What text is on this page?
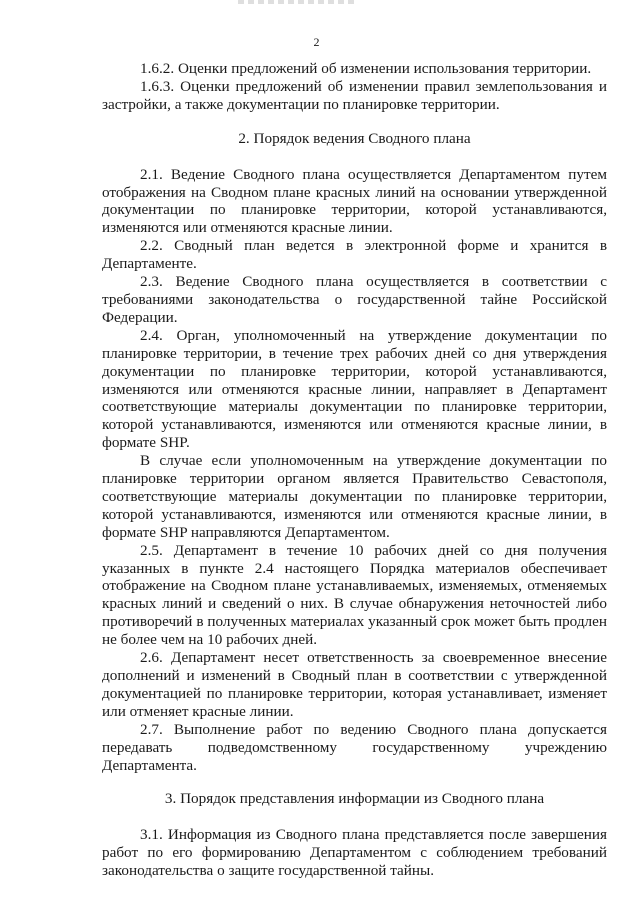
2

1.6.2. Оценки предложений об изменении использования территории.

1.6.3. Оценки предложений об изменении правил землепользования и застройки, а также документации по планировке территории.

2. Порядок ведения Сводного плана

2.1. Ведение Сводного плана осуществляется Департаментом путем отображения на Сводном плане красных линий на основании утвержденной документации по планировке территории, которой устанавливаются, изменяются или отменяются красные линии.

2.2. Сводный план ведется в электронной форме и хранится в Департаменте.

2.3. Ведение Сводного плана осуществляется в соответствии с требованиями законодательства о государственной тайне Российской Федерации.

2.4. Орган, уполномоченный на утверждение документации по планировке территории, в течение трех рабочих дней со дня утверждения документации по планировке территории, которой устанавливаются, изменяются или отменяются красные линии, направляет в Департамент соответствующие материалы документации по планировке территории, которой устанавливаются, изменяются или отменяются красные линии, в формате SHP.

В случае если уполномоченным на утверждение документации по планировке территории органом является Правительство Севастополя, соответствующие материалы документации по планировке территории, которой устанавливаются, изменяются или отменяются красные линии, в формате SHP направляются Департаментом.

2.5. Департамент в течение 10 рабочих дней со дня получения указанных в пункте 2.4 настоящего Порядка материалов обеспечивает отображение на Сводном плане устанавливаемых, изменяемых, отменяемых красных линий и сведений о них. В случае обнаружения неточностей либо противоречий в полученных материалах указанный срок может быть продлен не более чем на 10 рабочих дней.

2.6. Департамент несет ответственность за своевременное внесение дополнений и изменений в Сводный план в соответствии с утвержденной документацией по планировке территории, которая устанавливает, изменяет или отменяет красные линии.

2.7. Выполнение работ по ведению Сводного плана допускается передавать подведомственному государственному учреждению Департамента.

3. Порядок представления информации из Сводного плана

3.1. Информация из Сводного плана представляется после завершения работ по его формированию Департаментом с соблюдением требований законодательства о защите государственной тайны.
